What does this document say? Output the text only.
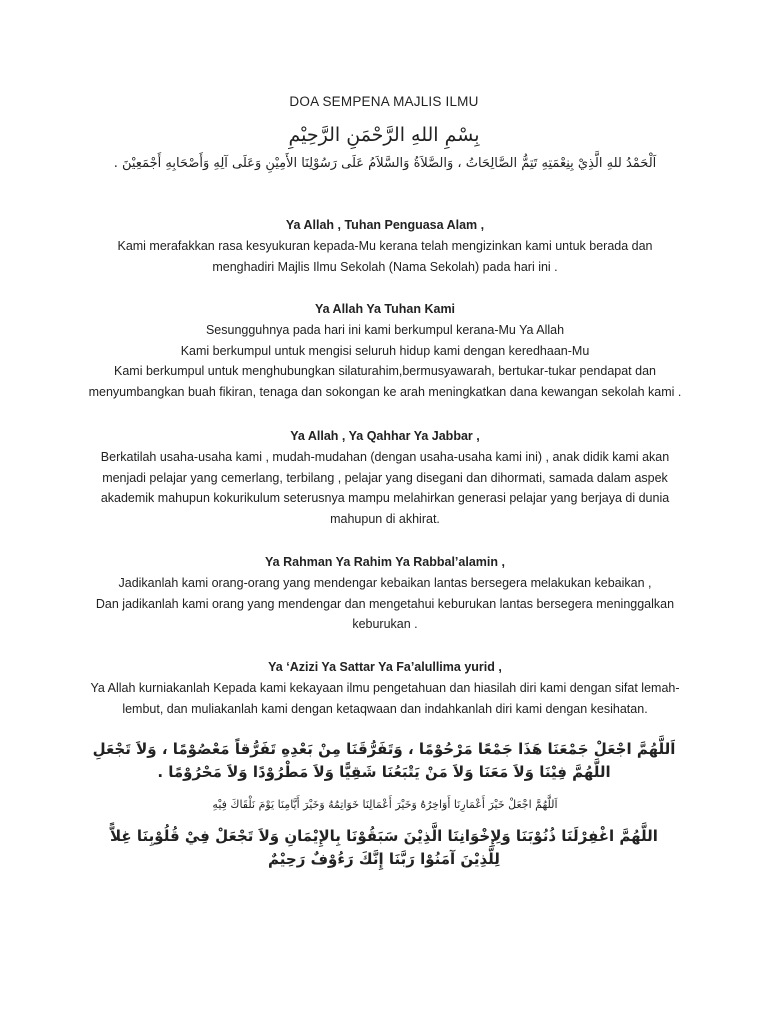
DOA SEMPENA MAJLIS ILMU
بِسْمِ اللهِ الرَّحْمَنِ الرَّحِيْمِ
اَلْحَمْدُ للهِ الَّذِيْ بِنِعْمَتِهِ تَتِمُّ الصَّالِحَاتُ ، وَالصَّلاَةُ وَالسَّلاَمُ عَلَى رَسُوْلِنَا الأَمِيْنِ وَعَلَى آلِهِ وَأَصْحَابِهِ أَجْمَعِيْنَ .

Ya Allah , Tuhan Penguasa Alam ,

Kami merafakkan rasa kesyukuran kepada-Mu kerana telah mengizinkan kami untuk berada dan

menghadiri Majlis Ilmu Sekolah (Nama Sekolah) pada hari ini .

Ya Allah Ya Tuhan Kami

Sesungguhnya pada hari ini kami berkumpul kerana-Mu Ya Allah

Kami berkumpul untuk mengisi seluruh hidup kami dengan keredhaan-Mu

Kami berkumpul untuk menghubungkan silaturahim,bermusyawarah, bertukar-tukar pendapat dan

menyumbangkan buah fikiran, tenaga dan sokongan ke arah meningkatkan dana kewangan sekolah kami .

Ya Allah , Ya Qahhar Ya Jabbar ,

Berkatilah usaha-usaha kami , mudah-mudahan (dengan usaha-usaha kami ini) , anak didik kami akan

menjadi pelajar yang cemerlang, terbilang , pelajar yang disegani dan dihormati, samada dalam aspek

akademik mahupun kokurikulum seterusnya mampu melahirkan generasi pelajar yang berjaya di dunia

mahupun di akhirat.

Ya Rahman Ya Rahim Ya Rabbal’alamin ,

Jadikanlah kami orang-orang yang mendengar kebaikan lantas bersegera melakukan kebaikan ,

Dan jadikanlah kami orang yang mendengar dan mengetahui keburukan lantas bersegera meninggalkan

keburukan .

Ya ‘Azizi Ya Sattar Ya Fa’alullima yurid ,

Ya Allah kurniakanlah Kepada kami kekayaan ilmu pengetahuan dan hiasilah diri kami dengan sifat lemah-

lembut, dan muliakanlah kami dengan ketaqwaan dan indahkanlah diri kami dengan kesihatan.

اَللَّهُمَّ اجْعَلْ جَمْعَنَا هَذَا جَمْعًا مَرْحُوْمًا ، وَتَفَرُّقَنَا مِنْ بَعْدِهِ تَفَرُّقاً مَعْصُوْمًا ، وَلاَ تَجْعَلِ اللَّهُمَّ فِيْنَا وَلاَ مَعَنَا وَلاَ مَنْ يَتْبَعُنَا شَقِيًّا وَلاَ مَطْرُوْدًا وَلاَ مَحْرُوْمًا .
اَللَّهُمَّ اجْعَلْ خَيْرَ أَعْمَارِنَا أَوَاخِرُهُ وَخَيْرَ أَعْمَالِنَا خَوَاتِمُهُ وَخَيْرَ أَيَّامِنَا يَوْمَ نَلْقَاكَ فِيْهِ
اللَّهُمَّ اغْفِرْلَنَا ذُنُوْبَنَا وَلِإِخْوَانِنَا الَّذِيْنَ سَبَقُوْنَا بِالإِيْمَانِ وَلاَ تَجْعَلْ فِيْ قُلُوْبِنَا غِلاًّ لِلَّذِيْنَ آمَنُوْا رَبَّنَا إِنَّكَ رَءُوْفٌ رَحِيْمٌ
